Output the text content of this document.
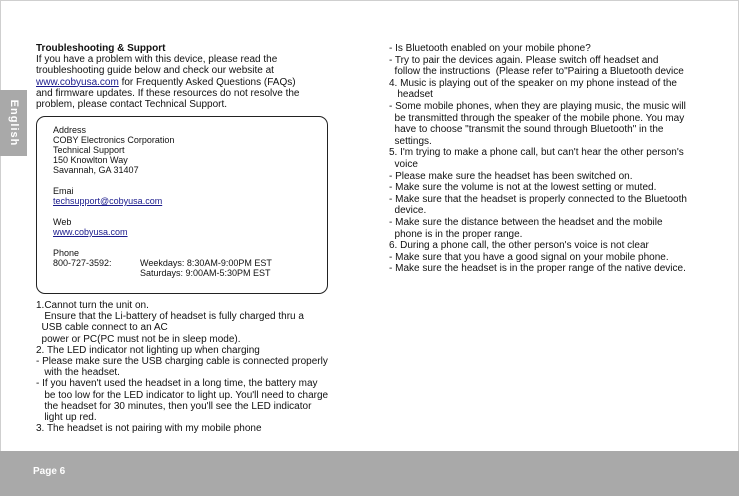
English
Troubleshooting & Support
If you have a problem with this device, please read the
troubleshooting guide below and check our website at
www.cobyusa.com for Frequently Asked Questions (FAQs)
and firmware updates. If these resources do not resolve the
problem, please contact Technical Support.
Address
COBY Electronics Corporation
Technical Support
150 Knowlton Way
Savannah, GA 31407
Emai
techsupport@cobyusa.com
Web
www.cobyusa.com
Phone
800-727-3592:	Weekdays: 8:30AM-9:00PM EST
Saturdays: 9:00AM-5:30PM EST
1.Cannot turn the unit on.
Ensure that the Li-battery of headset is fully charged thru a
USB cable connect to an AC
power or PC(PC must not be in sleep mode).
2. The LED indicator not lighting up when charging
- Please make sure the USB charging cable is connected properly
with the headset.
- If you haven't used the headset in a long time, the battery may
be too low for the LED indicator to light up. You'll need to charge
the headset for 30 minutes, then you'll see the LED indicator
light up red.
3. The headset is not pairing with my mobile phone
- Is Bluetooth enabled on your mobile phone?
- Try to pair the devices again. Please switch off headset and
follow the instructions  (Please refer to"Pairing a Bluetooth device
4. Music is playing out of the speaker on my phone instead of the
headset
- Some mobile phones, when they are playing music, the music will
be transmitted through the speaker of the mobile phone. You may
have to choose "transmit the sound through Bluetooth" in the
settings.
5. I'm trying to make a phone call, but can't hear the other person's
voice
- Please make sure the headset has been switched on.
- Make sure the volume is not at the lowest setting or muted.
- Make sure that the headset is properly connected to the Bluetooth
device.
- Make sure the distance between the headset and the mobile
phone is in the proper range.
6. During a phone call, the other person's voice is not clear
- Make sure that you have a good signal on your mobile phone.
- Make sure the headset is in the proper range of the native device.
Page 6
